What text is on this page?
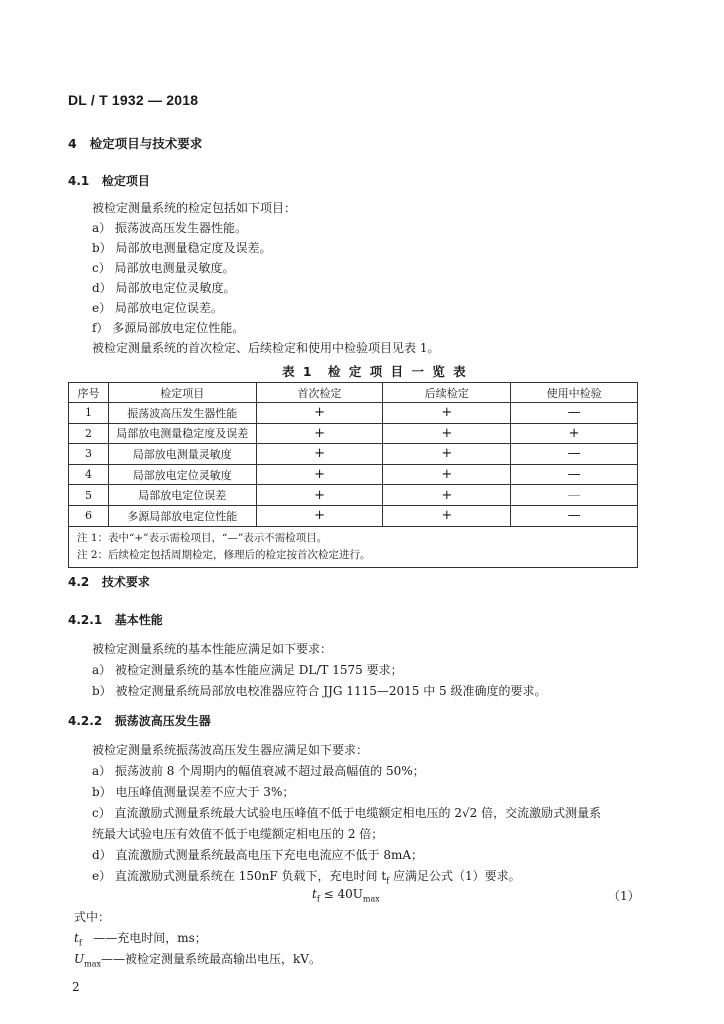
DL / T 1932 — 2018
4 检定项目与技术要求
4.1 检定项目
被检定测量系统的检定包括如下项目：
a） 振荡波高压发生器性能。
b） 局部放电测量稳定度及误差。
c） 局部放电测量灵敏度。
d） 局部放电定位灵敏度。
e） 局部放电定位误差。
f） 多源局部放电定位性能。
被检定测量系统的首次检定、后续检定和使用中检验项目见表 1。
表 1　检 定 项 目 一 览 表
序号	检定项目	首次检定	后续检定	使用中检验
1	振荡波高压发生器性能	+	+	—
2	局部放电测量稳定度及误差	+	+	+
3	局部放电测量灵敏度	+	+	—
4	局部放电定位灵敏度	+	+	—
5	局部放电定位误差	+	+	—
6	多源局部放电定位性能	+	+	—

注 1：表中“+”表示需检项目，“—”表示不需检项目。
注 2：后续检定包括周期检定，修理后的检定按首次检定进行。				
4.2 技术要求
4.2.1 基本性能
被检定测量系统的基本性能应满足如下要求：
a） 被检定测量系统的基本性能应满足 DL/T 1575 要求；
b） 被检定测量系统局部放电校准器应符合 JJG 1115—2015 中 5 级准确度的要求。
4.2.2 振荡波高压发生器
被检定测量系统振荡波高压发生器应满足如下要求：
a） 振荡波前 8 个周期内的幅值衰减不超过最高幅值的 50%；
b） 电压峰值测量误差不应大于 3%；
c） 直流激励式测量系统最大试验电压峰值不低于电缆额定相电压的 2√2 倍，交流激励式测量系
统最大试验电压有效值不低于电缆额定相电压的 2 倍；
d） 直流激励式测量系统最高电压下充电电流应不低于 8mA；
e） 直流激励式测量系统在 150nF 负载下，充电时间 $t_f$ 应满足公式（1）要求。
$t_f \le 40U_{max}$	（1）
式中：
$t_f$ ——充电时间，ms；
$U_{max}——$被检定测量系统最高输出电压，kV。
2
